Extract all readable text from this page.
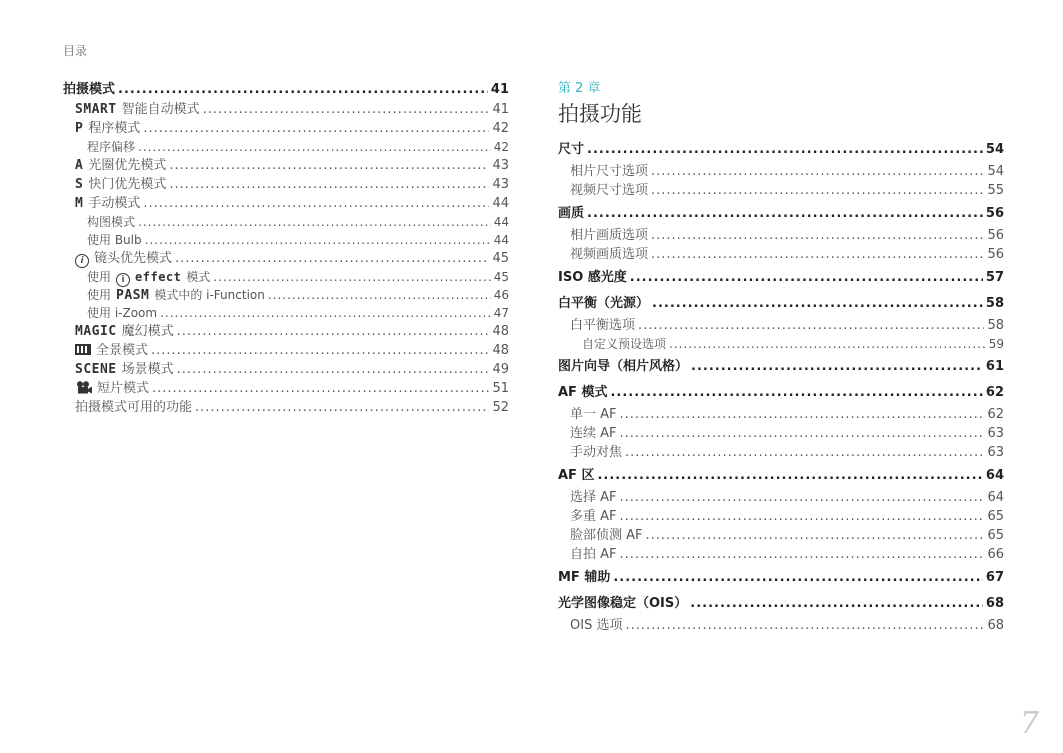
目录
拍摄模式 .....	41
SMART 智能自动模式 .....	41
P 程序模式 .....	42
程序偏移 .....	42
A 光圈优先模式 .....	43
S 快门优先模式 .....	43
M 手动模式 .....	44
构图模式 .....	44
使用 Bulb .....	44
i 镜头优先模式 .....	45
使用 i effect 模式 .....	45
使用 PASM 模式中的 i-Function .....	46
使用 i-Zoom .....	47
MAGIC 魔幻模式 .....	48
全景模式 .....	48
SCENE 场景模式 .....	49
短片模式 .....	51
拍摄模式可用的功能 .....	52
第 2 章
拍摄功能
尺寸 .....	54
相片尺寸选项 .....	54
视频尺寸选项 .....	55
画质 .....	56
相片画质选项 .....	56
视频画质选项 .....	56
ISO 感光度 .....	57
白平衡（光源） .....	58
白平衡选项 .....	58
自定义预设选项 .....	59
图片向导（相片风格） .....	61
AF 模式 .....	62
单一 AF .....	62
连续 AF .....	63
手动对焦 .....	63
AF 区 .....	64
选择 AF .....	64
多重 AF .....	65
脸部侦测 AF .....	65
自拍 AF .....	66
MF 辅助 .....	67
光学图像稳定（OIS） .....	68
OIS 选项 .....	68
7
